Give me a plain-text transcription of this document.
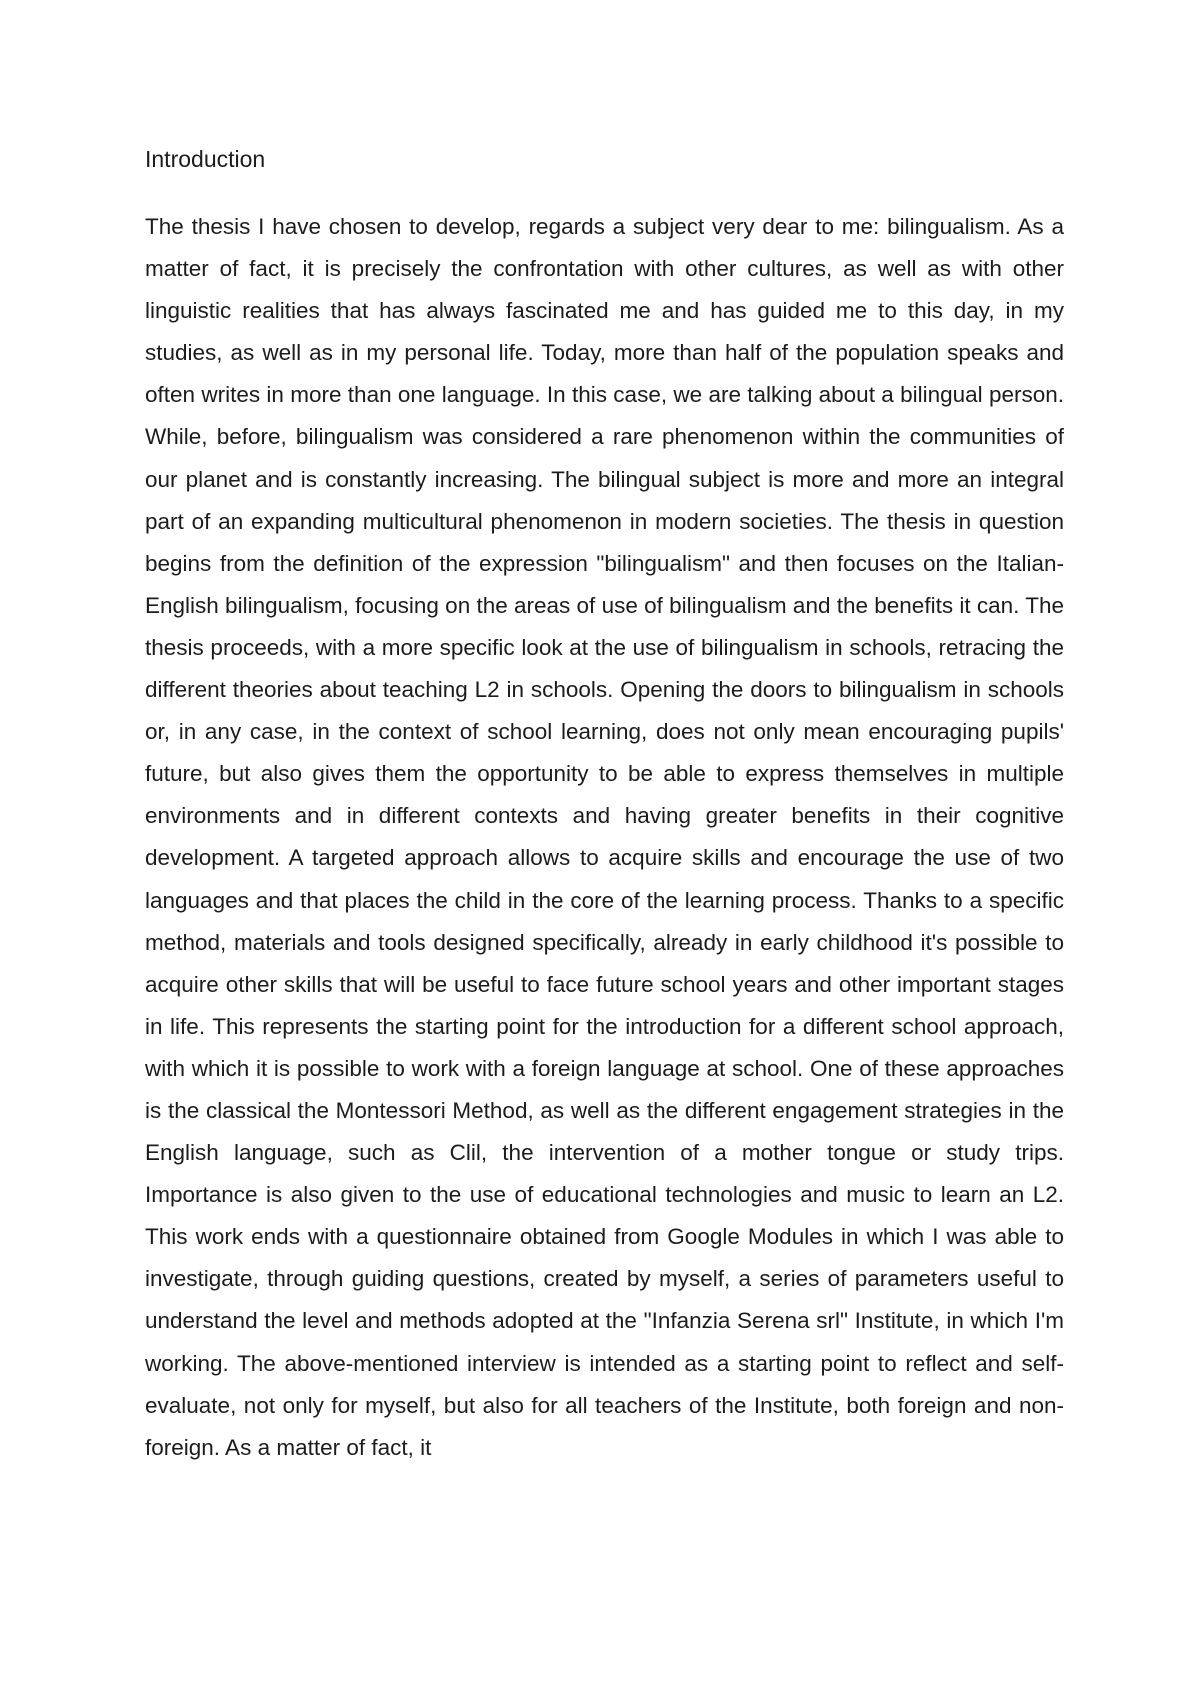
Introduction

The thesis I have chosen to develop, regards a subject very dear to me: bilingualism. As a matter of fact, it is precisely the confrontation with other cultures, as well as with other linguistic realities that has always fascinated me and has guided me to this day, in my studies, as well as in my personal life. Today, more than half of the population speaks and often writes in more than one language. In this case, we are talking about a bilingual person. While, before, bilingualism was considered a rare phenomenon within the communities of our planet and is constantly increasing. The bilingual subject is more and more an integral part of an expanding multicultural phenomenon in modern societies. The thesis in question begins from the definition of the expression "bilingualism" and then focuses on the Italian-English bilingualism, focusing on the areas of use of bilingualism and the benefits it can. The thesis proceeds, with a more specific look at the use of bilingualism in schools, retracing the different theories about teaching L2 in schools. Opening the doors to bilingualism in schools or, in any case, in the context of school learning, does not only mean encouraging pupils' future, but also gives them the opportunity to be able to express themselves in multiple environments and in different contexts and having greater benefits in their cognitive development. A targeted approach allows to acquire skills and encourage the use of two languages and that places the child in the core of the learning process. Thanks to a specific method, materials and tools designed specifically, already in early childhood it's possible to acquire other skills that will be useful to face future school years and other important stages in life. This represents the starting point for the introduction for a different school approach, with which it is possible to work with a foreign language at school. One of these approaches is the classical the Montessori Method, as well as the different engagement strategies in the English language, such as Clil, the intervention of a mother tongue or study trips. Importance is also given to the use of educational technologies and music to learn an L2. This work ends with a questionnaire obtained from Google Modules in which I was able to investigate, through guiding questions, created by myself, a series of parameters useful to understand the level and methods adopted at the "Infanzia Serena srl" Institute, in which I'm working. The above-mentioned interview is intended as a starting point to reflect and self-evaluate, not only for myself, but also for all teachers of the Institute, both foreign and non-foreign. As a matter of fact, it
